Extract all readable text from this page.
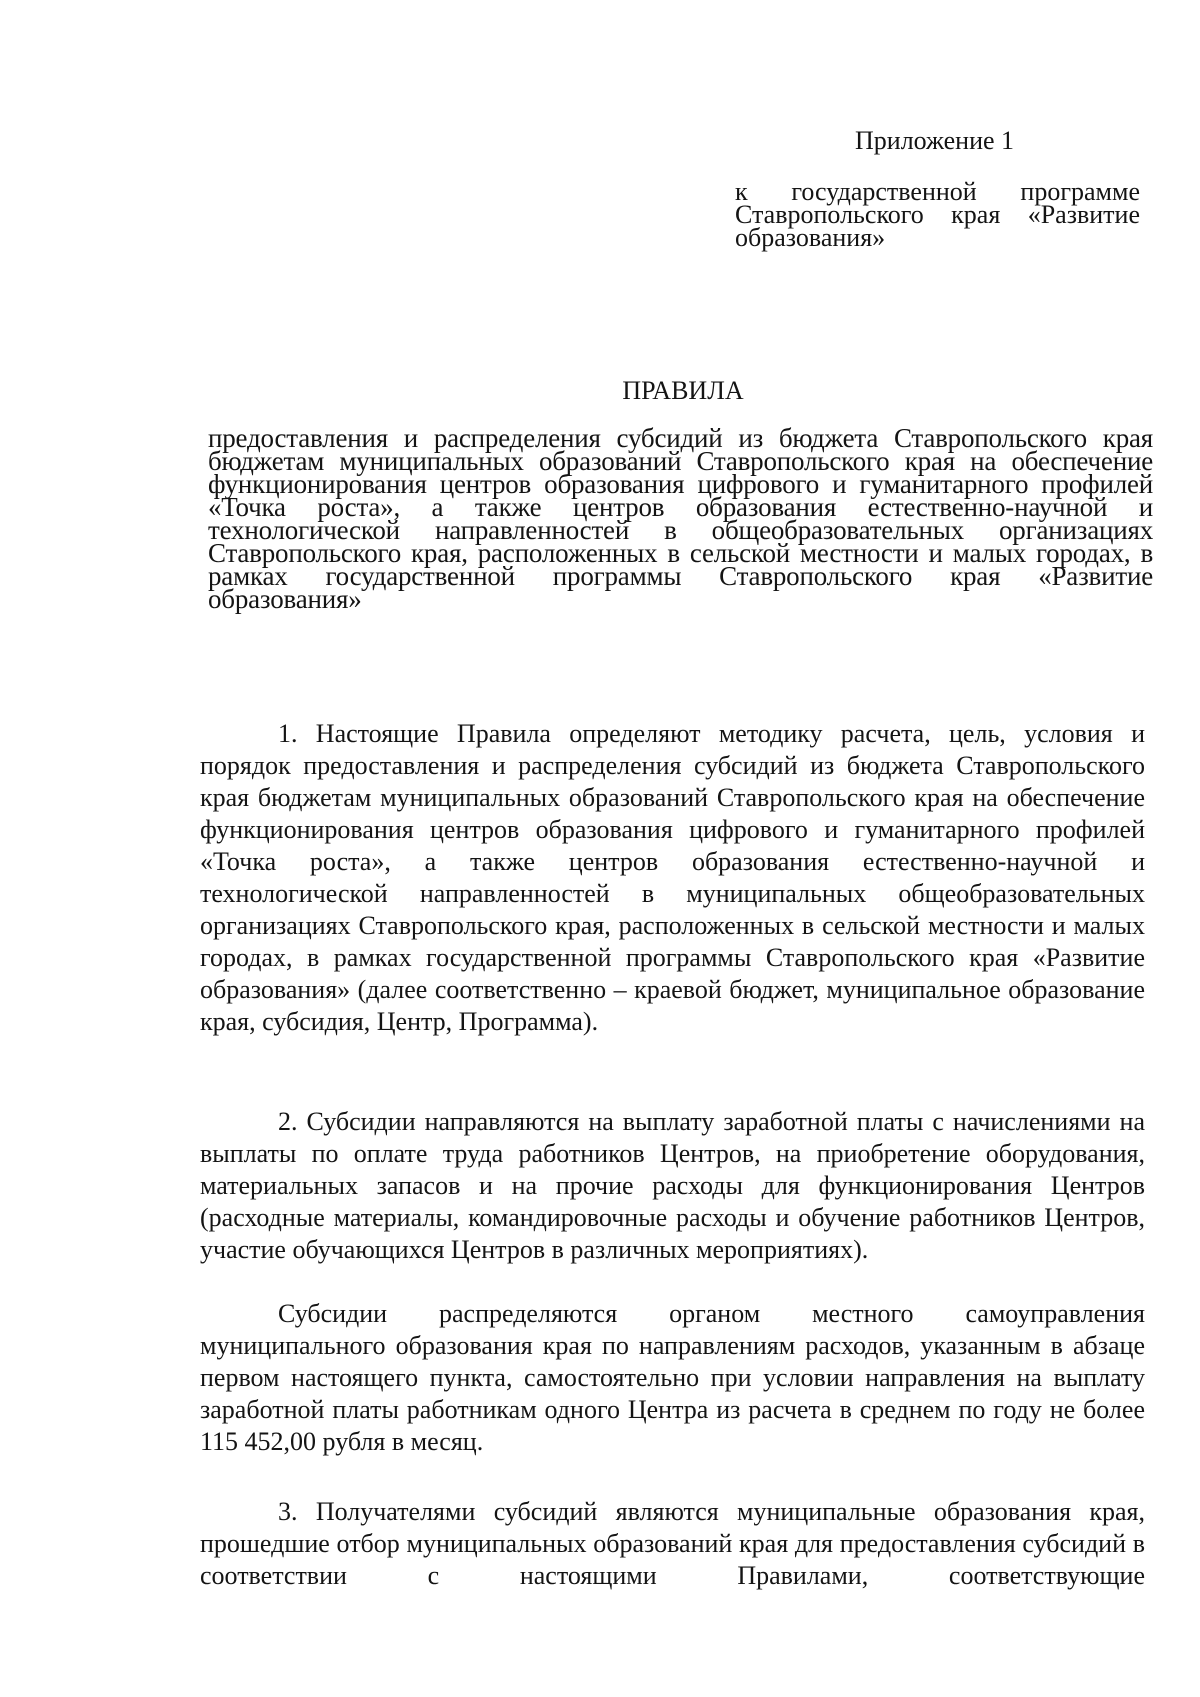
Приложение 1
к государственной программе Ставропольского края «Развитие образования»
ПРАВИЛА
предоставления и распределения субсидий из бюджета Ставропольского края бюджетам муниципальных образований Ставропольского края на обеспечение функционирования центров образования цифрового и гуманитарного профилей «Точка роста», а также центров образования естественно-научной и технологической направленностей в общеобразовательных организациях Ставропольского края, расположенных в сельской местности и малых городах, в рамках государственной программы Ставропольского края «Развитие образования»

1. Настоящие Правила определяют методику расчета, цель, условия и порядок предоставления и распределения субсидий из бюджета Ставропольского края бюджетам муниципальных образований Ставропольского края на обеспечение функционирования центров образования цифрового и гуманитарного профилей «Точка роста», а также центров образования естественно-научной и технологической направленностей в муниципальных общеобразовательных организациях Ставропольского края, расположенных в сельской местности и малых городах, в рамках государственной программы Ставропольского края «Развитие образования» (далее соответственно – краевой бюджет, муниципальное образование края, субсидия, Центр, Программа).

2. Субсидии направляются на выплату заработной платы с начислениями на выплаты по оплате труда работников Центров, на приобретение оборудования, материальных запасов и на прочие расходы для функционирования Центров (расходные материалы, командировочные расходы и обучение работников Центров, участие обучающихся Центров в различных мероприятиях).

Субсидии распределяются органом местного самоуправления муниципального образования края по направлениям расходов, указанным в абзаце первом настоящего пункта, самостоятельно при условии направления на выплату заработной платы работникам одного Центра из расчета в среднем по году не более 115 452,00 рубля в месяц.

3. Получателями субсидий являются муниципальные образования края, прошедшие отбор муниципальных образований края для предоставления субсидий в соответствии с настоящими Правилами, соответствующие
